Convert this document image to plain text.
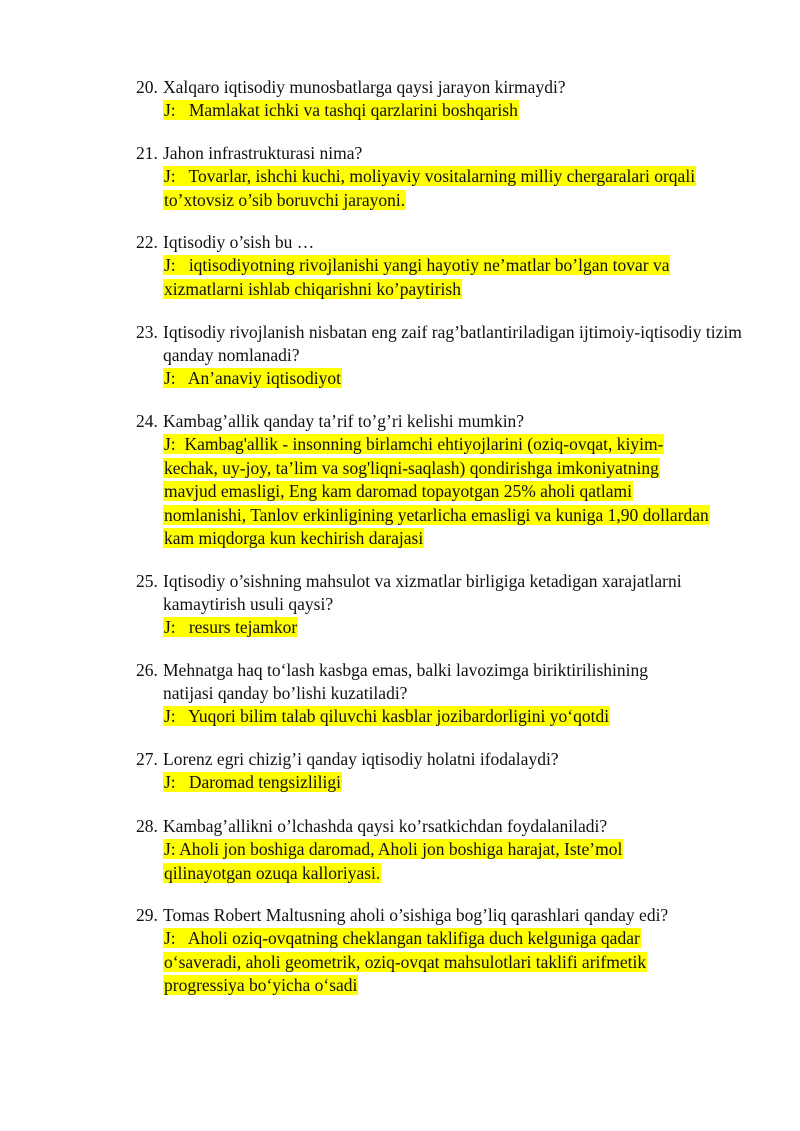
20. Xalqaro iqtisodiy munosbatlarga qaysi jarayon kirmaydi?
J:   Mamlakat ichki va tashqi qarzlarini boshqarish
21. Jahon infrastrukturasi nima?
J:   Tovarlar, ishchi kuchi, moliyaviy vositalarning milliy chergaralari orqali to’xtovsiz o’sib boruvchi jarayoni.
22. Iqtisodiy o’sish bu …
J:   iqtisodiyotning rivojlanishi yangi hayotiy ne’matlar bo’lgan tovar va xizmatlarni ishlab chiqarishni ko’paytirish
23. Iqtisodiy rivojlanish nisbatan eng zaif rag’batlantiriladigan ijtimoiy-iqtisodiy tizim qanday nomlanadi?
J:   An’anaviy iqtisodiyot
24. Kambag’allik qanday ta’rif to’g’ri kelishi mumkin?
J:  Kambag'allik - insonning birlamchi ehtiyojlarini (oziq-ovqat, kiyim-kechak, uy-joy, ta’lim va sog'liqni-saqlash) qondirishga imkoniyatning mavjud emasligi, Eng kam daromad topayotgan 25% aholi qatlami nomlanishi, Tanlov erkinligining yetarlicha emasligi va kuniga 1,90 dollardan kam miqdorga kun kechirish darajasi
25. Iqtisodiy o’sishning mahsulot va xizmatlar birligiga ketadigan xarajatlarni kamaytirish usuli qaysi?
J:   resurs tejamkor
26. Mehnatga haq to‘lash kasbga emas, balki lavozimga biriktirilishining natijasi qanday bo’lishi kuzatiladi?
J:   Yuqori bilim talab qiluvchi kasblar jozibardorligini yo‘qotdi
27. Lorenz egri chizig’i qanday iqtisodiy holatni ifodalaydi?
J:   Daromad tengsizliligi
28. Kambag’allikni o’lchashda qaysi ko’rsatkichdan foydalaniladi?
J: Aholi jon boshiga daromad, Aholi jon boshiga harajat, Iste’mol qilinayotgan ozuqa kalloriyasi.
29. Tomas Robert Maltusning aholi o’sishiga bog’liq qarashlari qanday edi?
J:   Aholi oziq-ovqatning cheklangan taklifiga duch kelguniga qadar o‘saveradi, aholi geometrik, oziq-ovqat mahsulotlari taklifi arifmetik progressiya bo‘yicha o‘sadi
